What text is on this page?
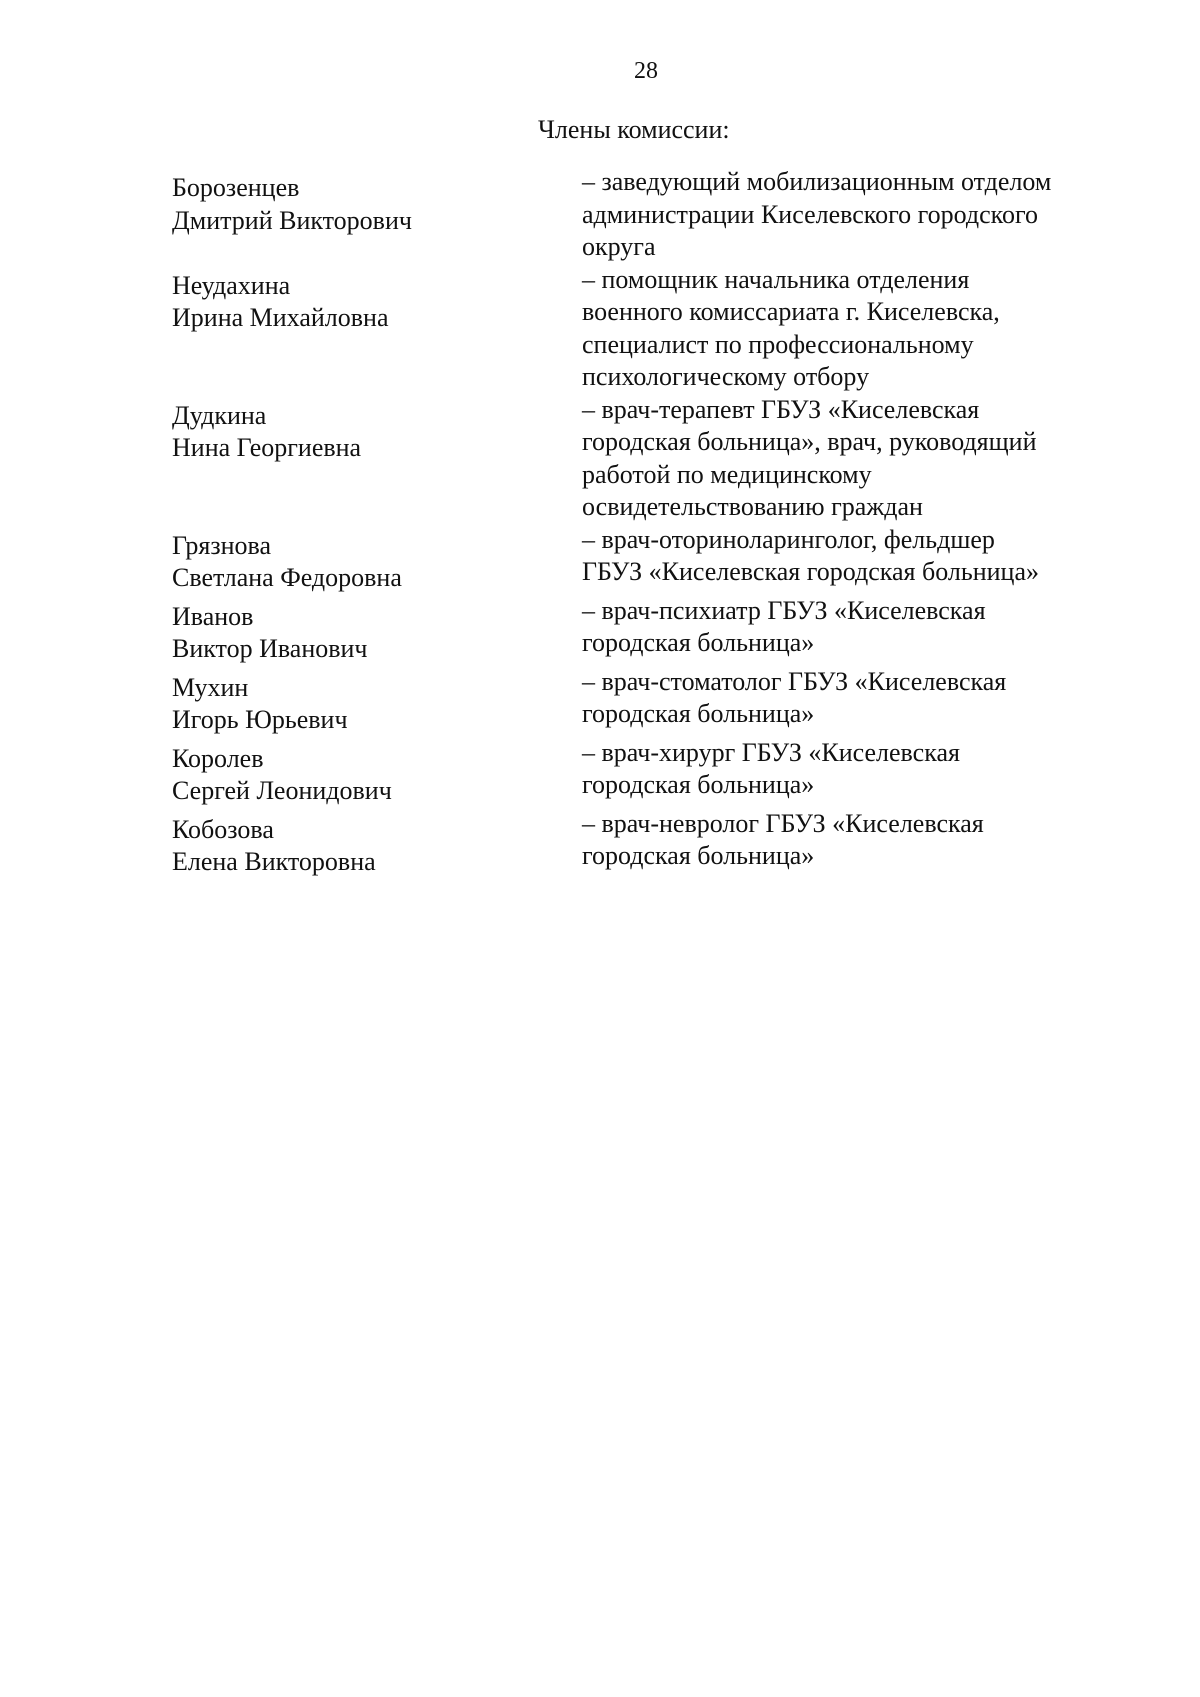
28
Члены комиссии:
Борозенцев
Дмитрий Викторович
– заведующий мобилизационным отделом
администрации Киселевского городского
округа
Неудахина
Ирина Михайловна
– помощник начальника отделения
военного комиссариата г. Киселевска,
специалист по профессиональному
психологическому отбору
Дудкина
Нина Георгиевна
– врач-терапевт ГБУЗ «Киселевская
городская больница», врач, руководящий
работой по медицинскому
освидетельствованию граждан
Грязнова
Светлана Федоровна
– врач-оториноларинголог, фельдшер
ГБУЗ «Киселевская городская больница»
Иванов
Виктор Иванович
– врач-психиатр ГБУЗ «Киселевская
городская больница»
Мухин
Игорь Юрьевич
– врач-стоматолог ГБУЗ «Киселевская
городская больница»
Королев
Сергей Леонидович
– врач-хирург ГБУЗ «Киселевская
городская больница»
Кобозова
Елена Викторовна
– врач-невролог ГБУЗ «Киселевская
городская больница»
